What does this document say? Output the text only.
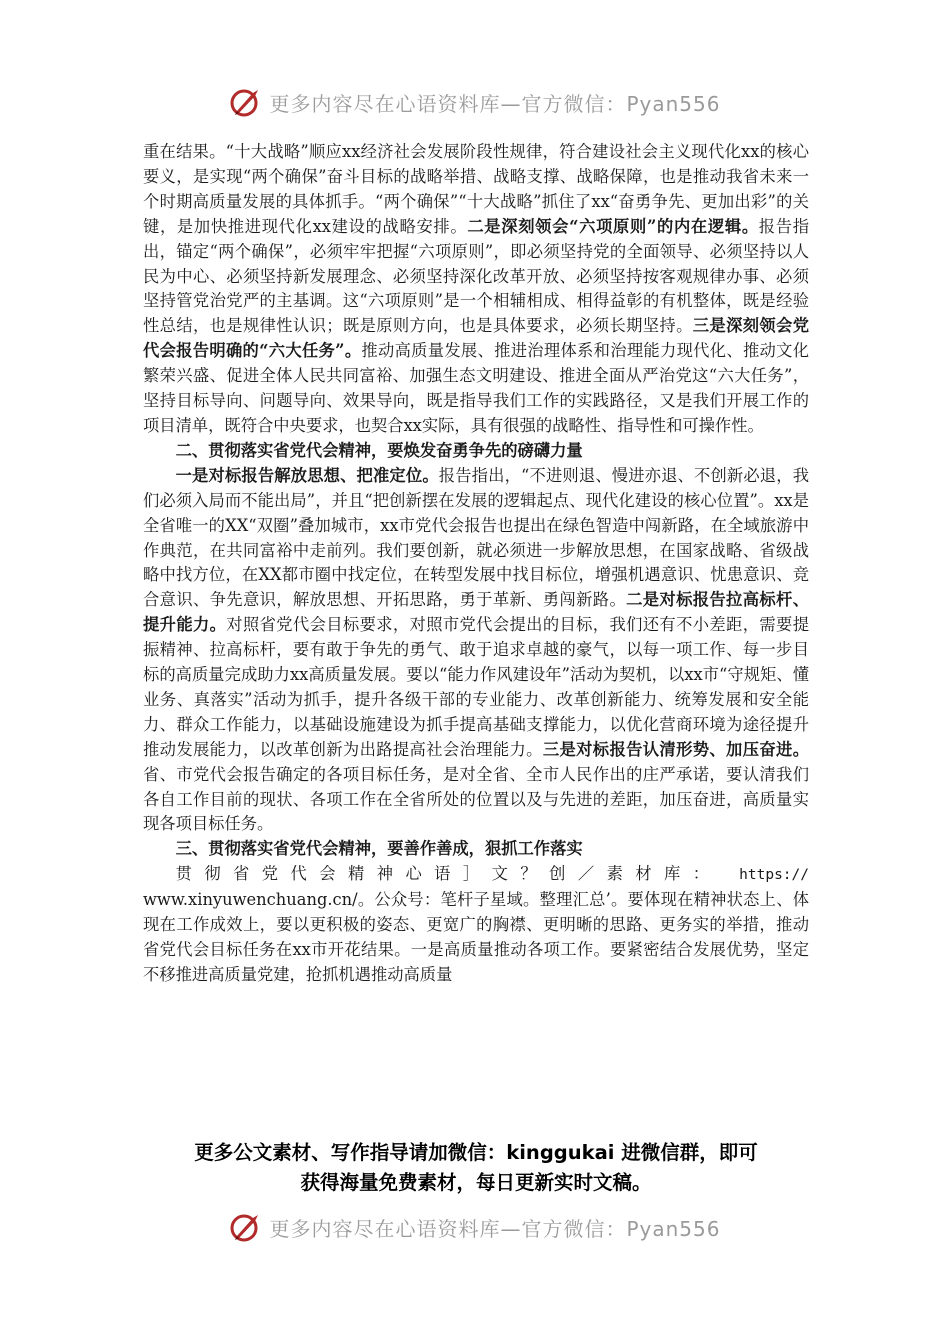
更多内容尽在心语资料库—官方微信：Pyan556

重在结果。“十大战略”顺应xx经济社会发展阶段性规律，符合建设社会主义现代化xx的核心要义，是实现“两个确保”奋斗目标的战略举措、战略支撑、战略保障，也是推动我省未来一个时期高质量发展的具体抓手。“两个确保”“十大战略”抓住了xx“奋勇争先、更加出彩”的关键，是加快推进现代化xx建设的战略安排。二是深刻领会“六项原则”的内在逻辑。报告指出，锚定“两个确保”，必须牢牢把握“六项原则”，即必须坚持党的全面领导、必须坚持以人民为中心、必须坚持新发展理念、必须坚持深化改革开放、必须坚持按客观规律办事、必须坚持管党治党严的主基调。这“六项原则”是一个相辅相成、相得益彰的有机整体，既是经验性总结，也是规律性认识；既是原则方向，也是具体要求，必须长期坚持。三是深刻领会党代会报告明确的“六大任务”。推动高质量发展、推进治理体系和治理能力现代化、推动文化繁荣兴盛、促进全体人民共同富裕、加强生态文明建设、推进全面从严治党这“六大任务”，坚持目标导向、问题导向、效果导向，既是指导我们工作的实践路径，又是我们开展工作的项目清单，既符合中央要求，也契合xx实际，具有很强的战略性、指导性和可操作性。

二、贯彻落实省党代会精神，要焕发奋勇争先的磅礴力量

一是对标报告解放思想、把准定位。报告指出，“不进则退、慢进亦退、不创新必退，我们必须入局而不能出局”，并且“把创新摆在发展的逻辑起点、现代化建设的核心位置”。xx是全省唯一的XX“双圈”叠加城市，xx市党代会报告也提出在绿色智造中闯新路，在全域旅游中作典范，在共同富裕中走前列。我们要创新，就必须进一步解放思想，在国家战略、省级战略中找方位，在XX都市圈中找定位，在转型发展中找目标位，增强机遇意识、忧患意识、竞合意识、争先意识，解放思想、开拓思路，勇于革新、勇闯新路。二是对标报告拉高标杆、提升能力。对照省党代会目标要求，对照市党代会提出的目标，我们还有不小差距，需要提振精神、拉高标杆，要有敢于争先的勇气、敢于追求卓越的豪气，以每一项工作、每一步目标的高质量完成助力xx高质量发展。要以“能力作风建设年”活动为契机，以xx市“守规矩、懂业务、真落实”活动为抓手，提升各级干部的专业能力、改革创新能力、统筹发展和安全能力、群众工作能力，以基础设施建设为抓手提高基础支撑能力，以优化营商环境为途径提升推动发展能力，以改革创新为出路提高社会治理能力。三是对标报告认清形势、加压奋进。省、市党代会报告确定的各项目标任务，是对全省、全市人民作出的庄严承诺，要认清我们各自工作目前的现状、各项工作在全省所处的位置以及与先进的差距，加压奋进，高质量实现各项目标任务。

三、贯彻落实省党代会精神，要善作善成，狠抓工作落实

贯彻省党代会精神心语］文？创／素材库： https://

www.xinyuwenchuang.cn/。公众号：笔杆子星域。整理汇总’。要体现在精神状态上、体现在工作成效上，要以更积极的姿态、更宽广的胸襟、更明晰的思路、更务实的举措，推动省党代会目标任务在xx市开花结果。一是高质量推动各项工作。要紧密结合发展优势，坚定不移推进高质量党建，抢抓机遇推动高质量

更多公文素材、写作指导请加微信：kinggukai 进微信群，即可
获得海量免费素材，每日更新实时文稿。
更多内容尽在心语资料库—官方微信：Pyan556
